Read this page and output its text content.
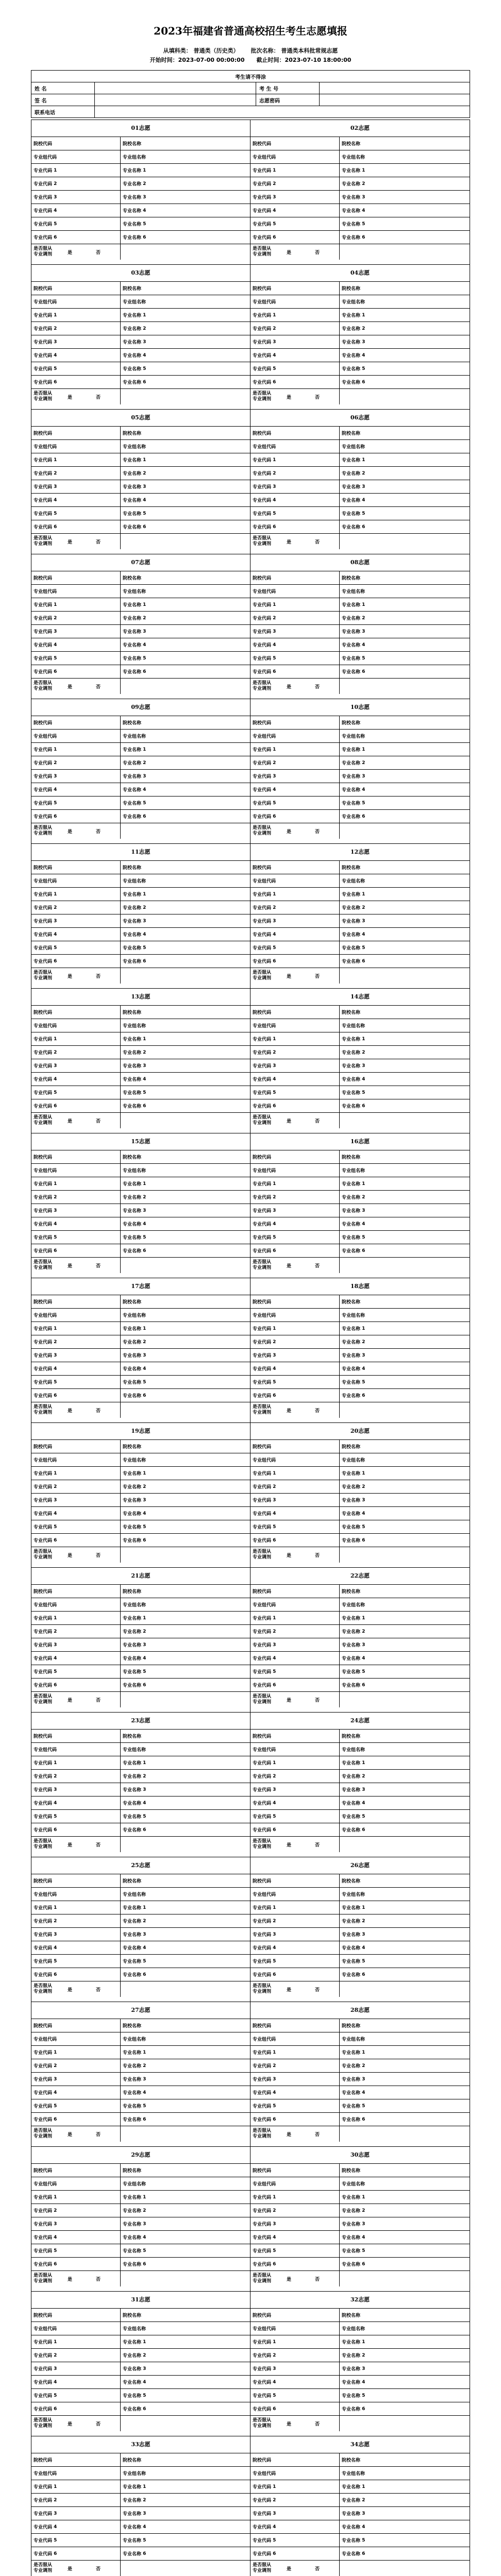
2023年福建省普通高校招生考生志愿填报
从填科类： 普通类（历史类） 批次名称： 普通类本科批常规志愿
开始时间：2023-07-00 00:00:00 截止时间：2023-07-10 18:00:00
考生请不得涂			
姓 名		考 生 号	
签 名		志愿密码	
联系电话			
01志愿
院校代码	院校名称
专业组代码	专业组名称
专业代码 1	专业名称 1
专业代码 2	专业名称 2
专业代码 3	专业名称 3
专业代码 4	专业名称 4
专业代码 5	专业名称 5
专业代码 6	专业名称 6
是否服从
专业调剂	是	否
02志愿
院校代码	院校名称
专业组代码	专业组名称
专业代码 1	专业名称 1
专业代码 2	专业名称 2
专业代码 3	专业名称 3
专业代码 4	专业名称 4
专业代码 5	专业名称 5
专业代码 6	专业名称 6
是否服从
专业调剂	是	否
03志愿
院校代码	院校名称
专业组代码	专业组名称
专业代码 1	专业名称 1
专业代码 2	专业名称 2
专业代码 3	专业名称 3
专业代码 4	专业名称 4
专业代码 5	专业名称 5
专业代码 6	专业名称 6
是否服从
专业调剂	是	否
04志愿
院校代码	院校名称
专业组代码	专业组名称
专业代码 1	专业名称 1
专业代码 2	专业名称 2
专业代码 3	专业名称 3
专业代码 4	专业名称 4
专业代码 5	专业名称 5
专业代码 6	专业名称 6
是否服从
专业调剂	是	否
05志愿
院校代码	院校名称
专业组代码	专业组名称
专业代码 1	专业名称 1
专业代码 2	专业名称 2
专业代码 3	专业名称 3
专业代码 4	专业名称 4
专业代码 5	专业名称 5
专业代码 6	专业名称 6
是否服从
专业调剂	是	否
06志愿
院校代码	院校名称
专业组代码	专业组名称
专业代码 1	专业名称 1
专业代码 2	专业名称 2
专业代码 3	专业名称 3
专业代码 4	专业名称 4
专业代码 5	专业名称 5
专业代码 6	专业名称 6
是否服从
专业调剂	是	否
07志愿
院校代码	院校名称
专业组代码	专业组名称
专业代码 1	专业名称 1
专业代码 2	专业名称 2
专业代码 3	专业名称 3
专业代码 4	专业名称 4
专业代码 5	专业名称 5
专业代码 6	专业名称 6
是否服从
专业调剂	是	否
08志愿
院校代码	院校名称
专业组代码	专业组名称
专业代码 1	专业名称 1
专业代码 2	专业名称 2
专业代码 3	专业名称 3
专业代码 4	专业名称 4
专业代码 5	专业名称 5
专业代码 6	专业名称 6
是否服从
专业调剂	是	否
09志愿
院校代码	院校名称
专业组代码	专业组名称
专业代码 1	专业名称 1
专业代码 2	专业名称 2
专业代码 3	专业名称 3
专业代码 4	专业名称 4
专业代码 5	专业名称 5
专业代码 6	专业名称 6
是否服从
专业调剂	是	否
10志愿
院校代码	院校名称
专业组代码	专业组名称
专业代码 1	专业名称 1
专业代码 2	专业名称 2
专业代码 3	专业名称 3
专业代码 4	专业名称 4
专业代码 5	专业名称 5
专业代码 6	专业名称 6
是否服从
专业调剂	是	否
11志愿
院校代码	院校名称
专业组代码	专业组名称
专业代码 1	专业名称 1
专业代码 2	专业名称 2
专业代码 3	专业名称 3
专业代码 4	专业名称 4
专业代码 5	专业名称 5
专业代码 6	专业名称 6
是否服从
专业调剂	是	否
12志愿
院校代码	院校名称
专业组代码	专业组名称
专业代码 1	专业名称 1
专业代码 2	专业名称 2
专业代码 3	专业名称 3
专业代码 4	专业名称 4
专业代码 5	专业名称 5
专业代码 6	专业名称 6
是否服从
专业调剂	是	否
13志愿
院校代码	院校名称
专业组代码	专业组名称
专业代码 1	专业名称 1
专业代码 2	专业名称 2
专业代码 3	专业名称 3
专业代码 4	专业名称 4
专业代码 5	专业名称 5
专业代码 6	专业名称 6
是否服从
专业调剂	是	否
14志愿
院校代码	院校名称
专业组代码	专业组名称
专业代码 1	专业名称 1
专业代码 2	专业名称 2
专业代码 3	专业名称 3
专业代码 4	专业名称 4
专业代码 5	专业名称 5
专业代码 6	专业名称 6
是否服从
专业调剂	是	否
15志愿
院校代码	院校名称
专业组代码	专业组名称
专业代码 1	专业名称 1
专业代码 2	专业名称 2
专业代码 3	专业名称 3
专业代码 4	专业名称 4
专业代码 5	专业名称 5
专业代码 6	专业名称 6
是否服从
专业调剂	是	否
16志愿
院校代码	院校名称
专业组代码	专业组名称
专业代码 1	专业名称 1
专业代码 2	专业名称 2
专业代码 3	专业名称 3
专业代码 4	专业名称 4
专业代码 5	专业名称 5
专业代码 6	专业名称 6
是否服从
专业调剂	是	否
17志愿
院校代码	院校名称
专业组代码	专业组名称
专业代码 1	专业名称 1
专业代码 2	专业名称 2
专业代码 3	专业名称 3
专业代码 4	专业名称 4
专业代码 5	专业名称 5
专业代码 6	专业名称 6
是否服从
专业调剂	是	否
18志愿
院校代码	院校名称
专业组代码	专业组名称
专业代码 1	专业名称 1
专业代码 2	专业名称 2
专业代码 3	专业名称 3
专业代码 4	专业名称 4
专业代码 5	专业名称 5
专业代码 6	专业名称 6
是否服从
专业调剂	是	否
19志愿
院校代码	院校名称
专业组代码	专业组名称
专业代码 1	专业名称 1
专业代码 2	专业名称 2
专业代码 3	专业名称 3
专业代码 4	专业名称 4
专业代码 5	专业名称 5
专业代码 6	专业名称 6
是否服从
专业调剂	是	否
20志愿
院校代码	院校名称
专业组代码	专业组名称
专业代码 1	专业名称 1
专业代码 2	专业名称 2
专业代码 3	专业名称 3
专业代码 4	专业名称 4
专业代码 5	专业名称 5
专业代码 6	专业名称 6
是否服从
专业调剂	是	否
21志愿
院校代码	院校名称
专业组代码	专业组名称
专业代码 1	专业名称 1
专业代码 2	专业名称 2
专业代码 3	专业名称 3
专业代码 4	专业名称 4
专业代码 5	专业名称 5
专业代码 6	专业名称 6
是否服从
专业调剂	是	否
22志愿
院校代码	院校名称
专业组代码	专业组名称
专业代码 1	专业名称 1
专业代码 2	专业名称 2
专业代码 3	专业名称 3
专业代码 4	专业名称 4
专业代码 5	专业名称 5
专业代码 6	专业名称 6
是否服从
专业调剂	是	否
23志愿
院校代码	院校名称
专业组代码	专业组名称
专业代码 1	专业名称 1
专业代码 2	专业名称 2
专业代码 3	专业名称 3
专业代码 4	专业名称 4
专业代码 5	专业名称 5
专业代码 6	专业名称 6
是否服从
专业调剂	是	否
24志愿
院校代码	院校名称
专业组代码	专业组名称
专业代码 1	专业名称 1
专业代码 2	专业名称 2
专业代码 3	专业名称 3
专业代码 4	专业名称 4
专业代码 5	专业名称 5
专业代码 6	专业名称 6
是否服从
专业调剂	是	否
25志愿
院校代码	院校名称
专业组代码	专业组名称
专业代码 1	专业名称 1
专业代码 2	专业名称 2
专业代码 3	专业名称 3
专业代码 4	专业名称 4
专业代码 5	专业名称 5
专业代码 6	专业名称 6
是否服从
专业调剂	是	否
26志愿
院校代码	院校名称
专业组代码	专业组名称
专业代码 1	专业名称 1
专业代码 2	专业名称 2
专业代码 3	专业名称 3
专业代码 4	专业名称 4
专业代码 5	专业名称 5
专业代码 6	专业名称 6
是否服从
专业调剂	是	否
27志愿
院校代码	院校名称
专业组代码	专业组名称
专业代码 1	专业名称 1
专业代码 2	专业名称 2
专业代码 3	专业名称 3
专业代码 4	专业名称 4
专业代码 5	专业名称 5
专业代码 6	专业名称 6
是否服从
专业调剂	是	否
28志愿
院校代码	院校名称
专业组代码	专业组名称
专业代码 1	专业名称 1
专业代码 2	专业名称 2
专业代码 3	专业名称 3
专业代码 4	专业名称 4
专业代码 5	专业名称 5
专业代码 6	专业名称 6
是否服从
专业调剂	是	否
29志愿
院校代码	院校名称
专业组代码	专业组名称
专业代码 1	专业名称 1
专业代码 2	专业名称 2
专业代码 3	专业名称 3
专业代码 4	专业名称 4
专业代码 5	专业名称 5
专业代码 6	专业名称 6
是否服从
专业调剂	是	否
30志愿
院校代码	院校名称
专业组代码	专业组名称
专业代码 1	专业名称 1
专业代码 2	专业名称 2
专业代码 3	专业名称 3
专业代码 4	专业名称 4
专业代码 5	专业名称 5
专业代码 6	专业名称 6
是否服从
专业调剂	是	否
31志愿
院校代码	院校名称
专业组代码	专业组名称
专业代码 1	专业名称 1
专业代码 2	专业名称 2
专业代码 3	专业名称 3
专业代码 4	专业名称 4
专业代码 5	专业名称 5
专业代码 6	专业名称 6
是否服从
专业调剂	是	否
32志愿
院校代码	院校名称
专业组代码	专业组名称
专业代码 1	专业名称 1
专业代码 2	专业名称 2
专业代码 3	专业名称 3
专业代码 4	专业名称 4
专业代码 5	专业名称 5
专业代码 6	专业名称 6
是否服从
专业调剂	是	否
33志愿
院校代码	院校名称
专业组代码	专业组名称
专业代码 1	专业名称 1
专业代码 2	专业名称 2
专业代码 3	专业名称 3
专业代码 4	专业名称 4
专业代码 5	专业名称 5
专业代码 6	专业名称 6
是否服从
专业调剂	是	否
34志愿
院校代码	院校名称
专业组代码	专业组名称
专业代码 1	专业名称 1
专业代码 2	专业名称 2
专业代码 3	专业名称 3
专业代码 4	专业名称 4
专业代码 5	专业名称 5
专业代码 6	专业名称 6
是否服从
专业调剂	是	否
